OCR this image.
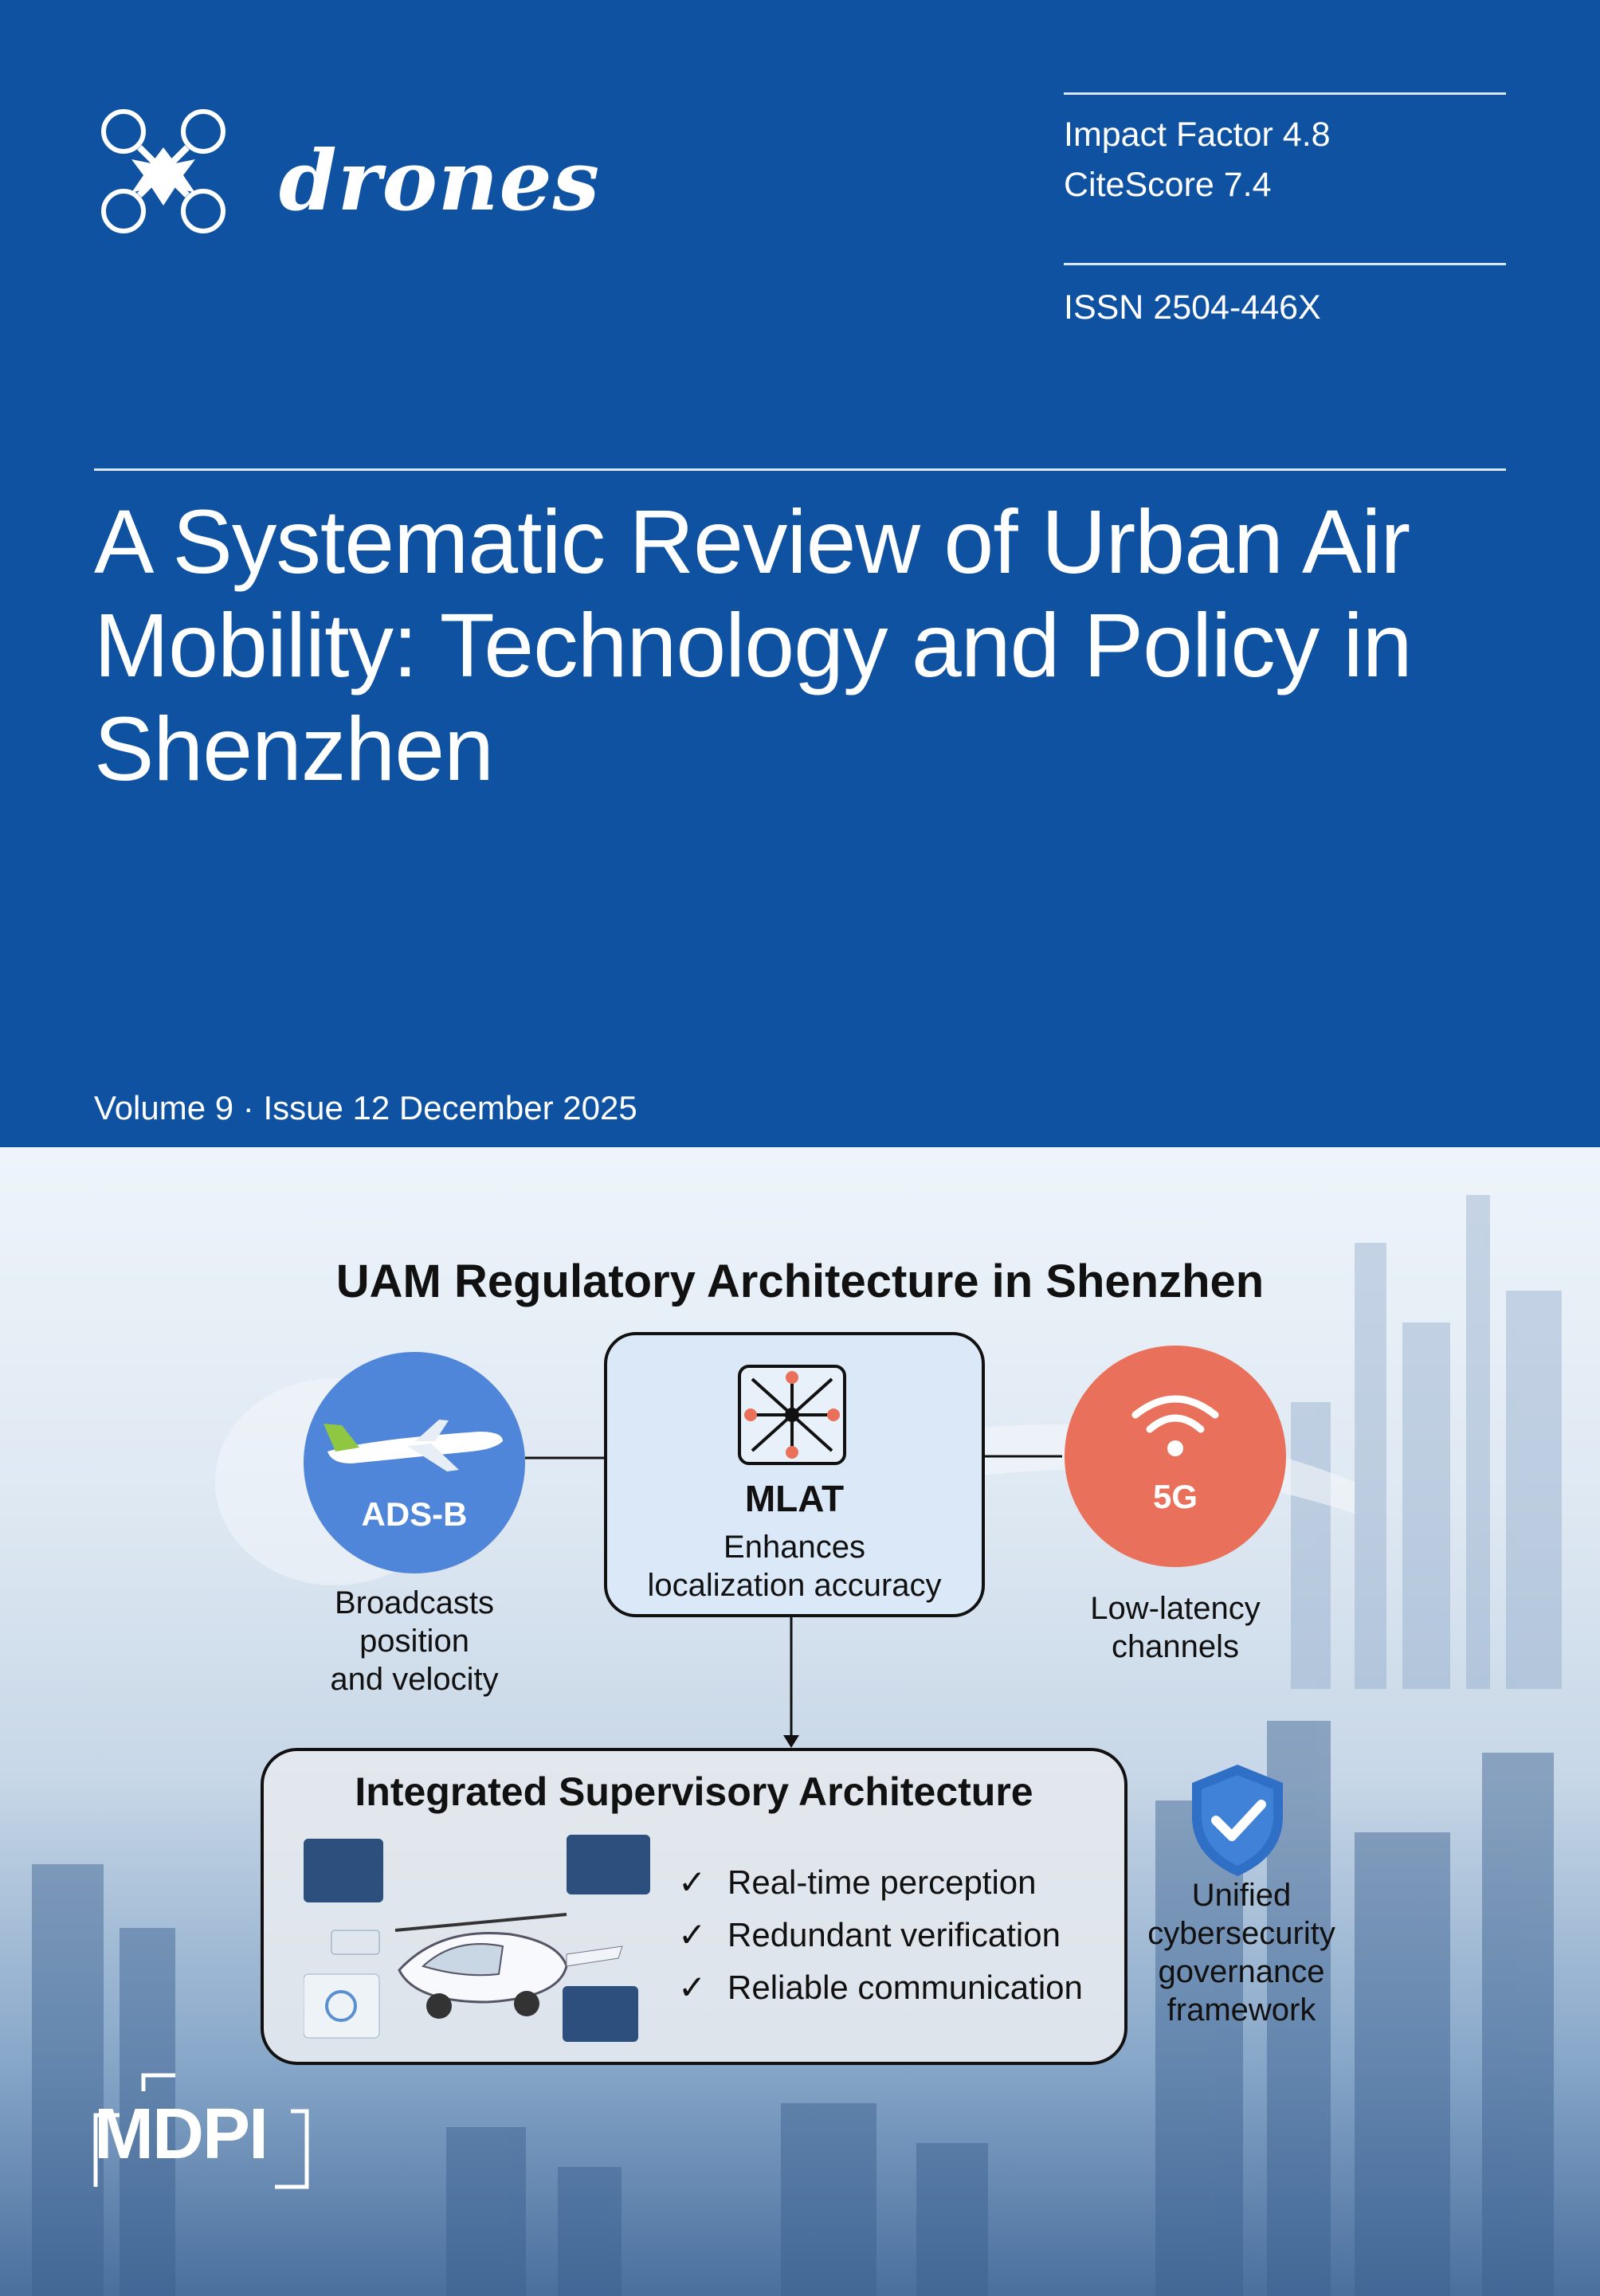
drones	Impact Factor 4.8
CiteScore 7.4
ISSN 2504-446X
A Systematic Review of Urban Air Mobility: Technology and Policy in Shenzhen
Volume 9 · Issue 12 December 2025
UAM Regulatory Architecture in Shenzhen
ADS-B
Broadcasts
position
and velocity
MLAT
Enhances
localization accuracy
5G
Low-latency
channels
Integrated Supervisory Architecture
✓ Real-time perception
✓ Redundant verification
✓ Reliable communication
Unified
cybersecurity
governance
framework
MDPI
